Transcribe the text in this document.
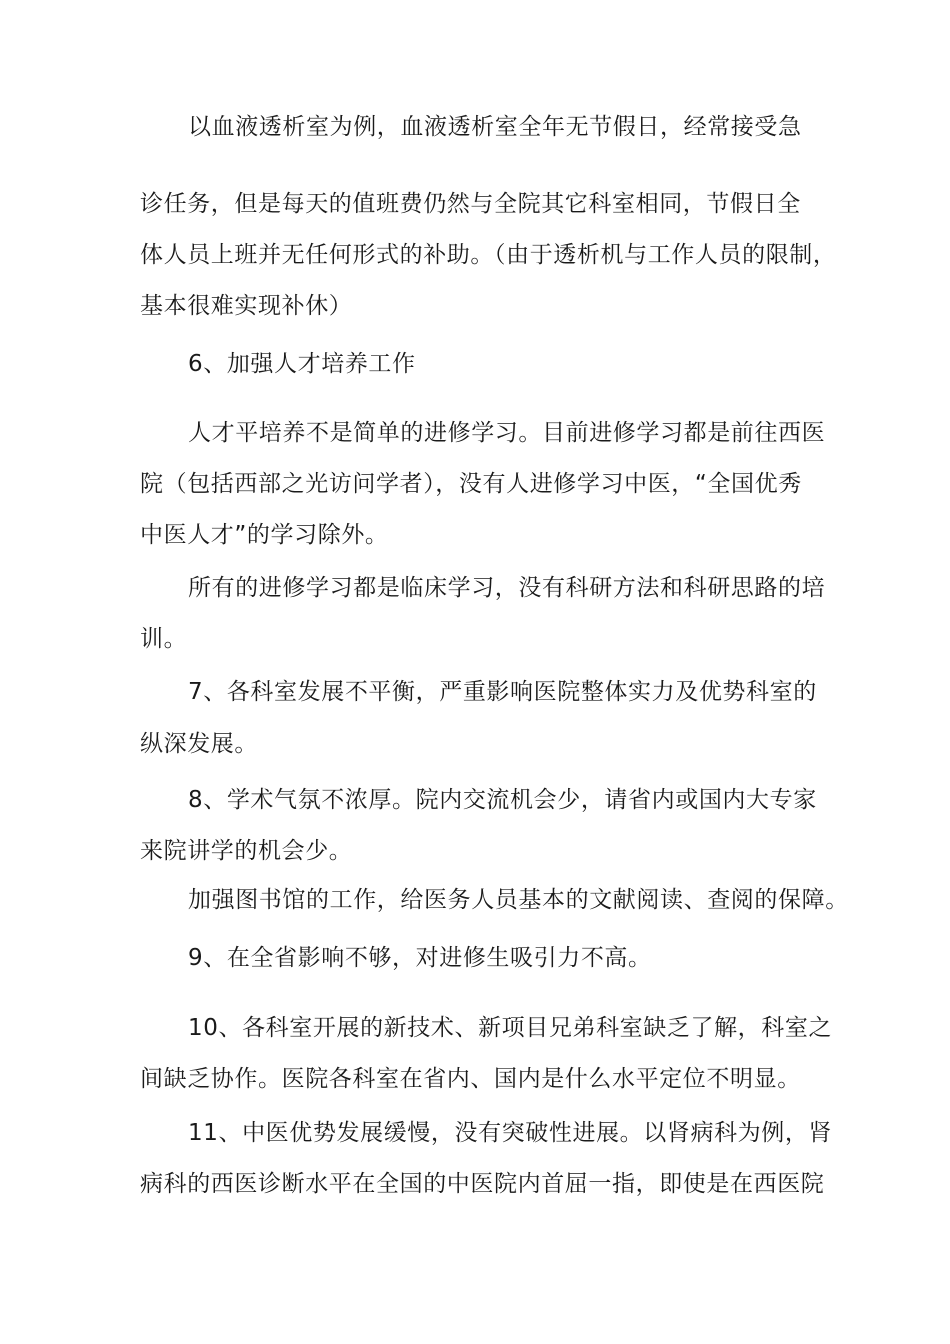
以血液透析室为例，血液透析室全年无节假日，经常接受急
诊任务，但是每天的值班费仍然与全院其它科室相同，节假日全
体人员上班并无任何形式的补助。（由于透析机与工作人员的限制，
基本很难实现补休）
6、加强人才培养工作
人才平培养不是简单的进修学习。目前进修学习都是前往西医
院（包括西部之光访问学者），没有人进修学习中医，“全国优秀
中医人才”的学习除外。
所有的进修学习都是临床学习，没有科研方法和科研思路的培
训。
7、各科室发展不平衡，严重影响医院整体实力及优势科室的
纵深发展。
8、学术气氛不浓厚。院内交流机会少，请省内或国内大专家
来院讲学的机会少。
加强图书馆的工作，给医务人员基本的文献阅读、查阅的保障。
9、在全省影响不够，对进修生吸引力不高。
10、各科室开展的新技术、新项目兄弟科室缺乏了解，科室之
间缺乏协作。医院各科室在省内、国内是什么水平定位不明显。
11、中医优势发展缓慢，没有突破性进展。以肾病科为例，肾
病科的西医诊断水平在全国的中医院内首屈一指，即使是在西医院
